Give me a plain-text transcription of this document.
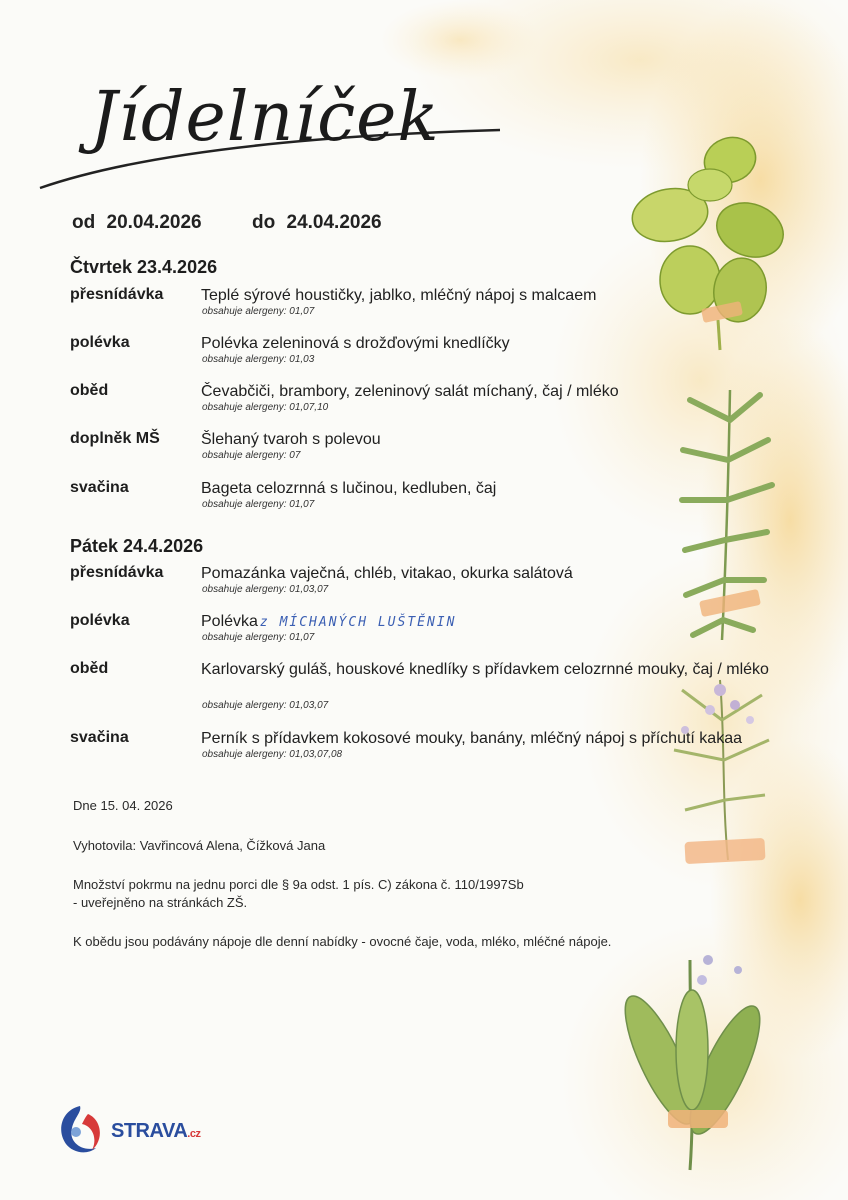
Jídelníček
od 20.04.2026	do 24.04.2026
Čtvrtek 23.4.2026
přesnídávka Teplé sýrové houstičky, jablko, mléčný nápoj s malcaem
obsahuje alergeny: 01,07
polévka	Polévka zeleninová s drožďovými knedlíčky
obsahuje alergeny: 01,03
oběd	Čevabčiči, brambory, zeleninový salát míchaný, čaj / mléko
obsahuje alergeny: 01,07,10
doplněk MŠ	Šlehaný tvaroh s polevou
obsahuje alergeny: 07
svačina	Bageta celozrnná s lučinou, kedluben, čaj
obsahuje alergeny: 01,07
Pátek 24.4.2026
přesnídávka Pomazánka vaječná, chléb, vitakao, okurka salátová
obsahuje alergeny: 01,03,07
polévka	Polévka z MÍCHANÝCH LUŠTĚNIN
obsahuje alergeny: 01,07
oběd	Karlovarský guláš, houskové knedlíky s přídavkem celozrnné mouky, čaj / mléko
obsahuje alergeny: 01,03,07
svačina	Perník s přídavkem kokosové mouky, banány, mléčný nápoj s příchutí kakaa
obsahuje alergeny: 01,03,07,08
Dne 15. 04. 2026
Vyhotovila: Vavřincová Alena, Čížková Jana
Množství pokrmu na jednu porci dle § 9a odst. 1 pís. C) zákona č. 110/1997Sb
- uveřejněno na stránkách ZŠ.
K obědu jsou podávány nápoje dle denní nabídky - ovocné čaje, voda, mléko, mléčné nápoje.
STRAVA.cz
